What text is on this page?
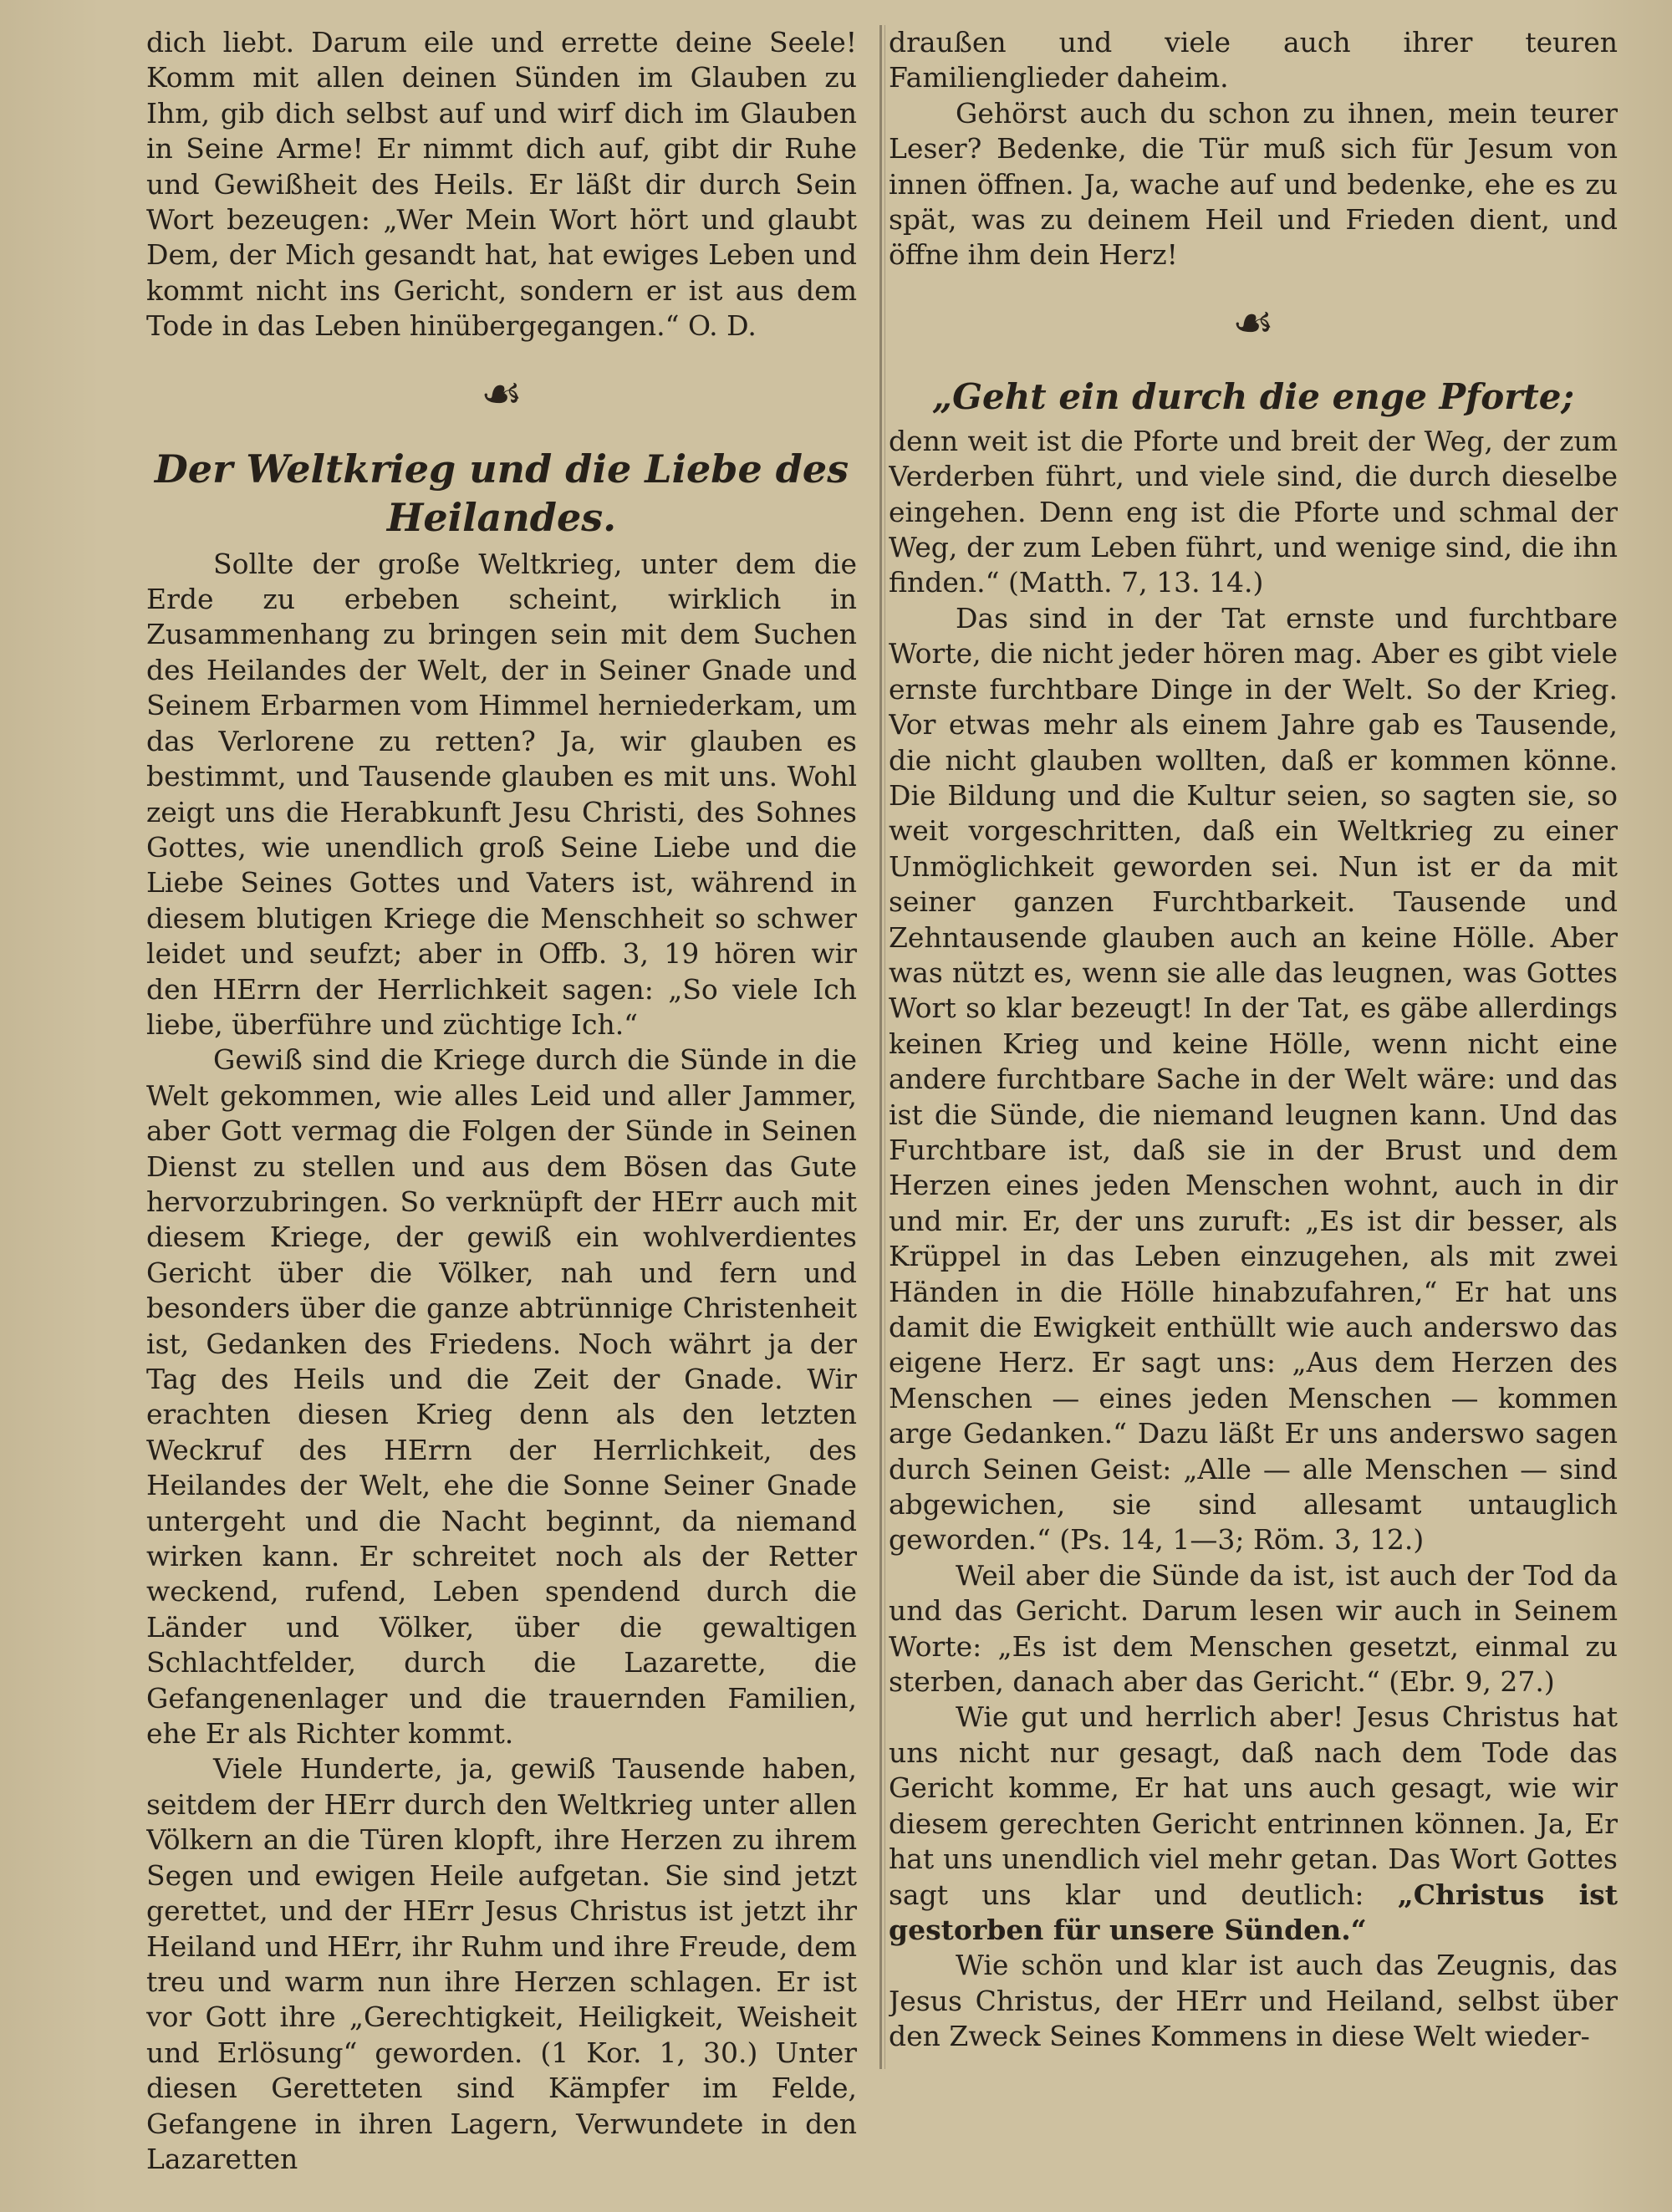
dich liebt. Darum eile und errette deine Seele! Komm mit allen deinen Sünden im Glauben zu Ihm, gib dich selbst auf und wirf dich im Glauben in Seine Arme! Er nimmt dich auf, gibt dir Ruhe und Gewißheit des Heils. Er läßt dir durch Sein Wort bezeugen: „Wer Mein Wort hört und glaubt Dem, der Mich gesandt hat, hat ewiges Leben und kommt nicht ins Gericht, sondern er ist aus dem Tode in das Leben hinübergegangen.“ O. D.

☙
Der Weltkrieg und die Liebe des Heilandes.

Sollte der große Weltkrieg, unter dem die Erde zu erbeben scheint, wirklich in Zusammenhang zu bringen sein mit dem Suchen des Heilandes der Welt, der in Seiner Gnade und Seinem Erbarmen vom Himmel herniederkam, um das Verlorene zu retten? Ja, wir glauben es bestimmt, und Tausende glauben es mit uns. Wohl zeigt uns die Herabkunft Jesu Christi, des Sohnes Gottes, wie unendlich groß Seine Liebe und die Liebe Seines Gottes und Vaters ist, während in diesem blutigen Kriege die Menschheit so schwer leidet und seufzt; aber in Offb. 3, 19 hören wir den HErrn der Herrlichkeit sagen: „So viele Ich liebe, überführe und züchtige Ich.“

Gewiß sind die Kriege durch die Sünde in die Welt gekommen, wie alles Leid und aller Jammer, aber Gott vermag die Folgen der Sünde in Seinen Dienst zu stellen und aus dem Bösen das Gute hervorzubringen. So verknüpft der HErr auch mit diesem Kriege, der gewiß ein wohlverdientes Gericht über die Völker, nah und fern und besonders über die ganze abtrünnige Christenheit ist, Gedanken des Friedens. Noch währt ja der Tag des Heils und die Zeit der Gnade. Wir erachten diesen Krieg denn als den letzten Weckruf des HErrn der Herrlichkeit, des Heilandes der Welt, ehe die Sonne Seiner Gnade untergeht und die Nacht beginnt, da niemand wirken kann. Er schreitet noch als der Retter weckend, rufend, Leben spendend durch die Länder und Völker, über die gewaltigen Schlachtfelder, durch die Lazarette, die Gefangenenlager und die trauernden Familien, ehe Er als Richter kommt.

Viele Hunderte, ja, gewiß Tausende haben, seitdem der HErr durch den Weltkrieg unter allen Völkern an die Türen klopft, ihre Herzen zu ihrem Segen und ewigen Heile aufgetan. Sie sind jetzt gerettet, und der HErr Jesus Christus ist jetzt ihr Heiland und HErr, ihr Ruhm und ihre Freude, dem treu und warm nun ihre Herzen schlagen. Er ist vor Gott ihre „Gerechtigkeit, Heiligkeit, Weisheit und Erlösung“ geworden. (1 Kor. 1, 30.) Unter diesen Geretteten sind Kämpfer im Felde, Gefangene in ihren Lagern, Verwundete in den Lazaretten

draußen und viele auch ihrer teuren Familienglieder daheim.

Gehörst auch du schon zu ihnen, mein teurer Leser? Bedenke, die Tür muß sich für Jesum von innen öffnen. Ja, wache auf und bedenke, ehe es zu spät, was zu deinem Heil und Frieden dient, und öffne ihm dein Herz!

☙
„Geht ein durch die enge Pforte;

denn weit ist die Pforte und breit der Weg, der zum Verderben führt, und viele sind, die durch dieselbe eingehen. Denn eng ist die Pforte und schmal der Weg, der zum Leben führt, und wenige sind, die ihn finden.“ (Matth. 7, 13. 14.)

Das sind in der Tat ernste und furchtbare Worte, die nicht jeder hören mag. Aber es gibt viele ernste furchtbare Dinge in der Welt. So der Krieg. Vor etwas mehr als einem Jahre gab es Tausende, die nicht glauben wollten, daß er kommen könne. Die Bildung und die Kultur seien, so sagten sie, so weit vorgeschritten, daß ein Weltkrieg zu einer Unmöglichkeit geworden sei. Nun ist er da mit seiner ganzen Furchtbarkeit. Tausende und Zehntausende glauben auch an keine Hölle. Aber was nützt es, wenn sie alle das leugnen, was Gottes Wort so klar bezeugt! In der Tat, es gäbe allerdings keinen Krieg und keine Hölle, wenn nicht eine andere furchtbare Sache in der Welt wäre: und das ist die Sünde, die niemand leugnen kann. Und das Furchtbare ist, daß sie in der Brust und dem Herzen eines jeden Menschen wohnt, auch in dir und mir. Er, der uns zuruft: „Es ist dir besser, als Krüppel in das Leben einzugehen, als mit zwei Händen in die Hölle hinabzufahren,“ Er hat uns damit die Ewigkeit enthüllt wie auch anderswo das eigene Herz. Er sagt uns: „Aus dem Herzen des Menschen — eines jeden Menschen — kommen arge Gedanken.“ Dazu läßt Er uns anderswo sagen durch Seinen Geist: „Alle — alle Menschen — sind abgewichen, sie sind allesamt untauglich geworden.“ (Ps. 14, 1—3; Röm. 3, 12.)

Weil aber die Sünde da ist, ist auch der Tod da und das Gericht. Darum lesen wir auch in Seinem Worte: „Es ist dem Menschen gesetzt, einmal zu sterben, danach aber das Gericht.“ (Ebr. 9, 27.)

Wie gut und herrlich aber! Jesus Christus hat uns nicht nur gesagt, daß nach dem Tode das Gericht komme, Er hat uns auch gesagt, wie wir diesem gerechten Gericht entrinnen können. Ja, Er hat uns unendlich viel mehr getan. Das Wort Gottes sagt uns klar und deutlich: „Christus ist gestorben für unsere Sünden.“

Wie schön und klar ist auch das Zeugnis, das Jesus Christus, der HErr und Heiland, selbst über den Zweck Seines Kommens in diese Welt wieder-
